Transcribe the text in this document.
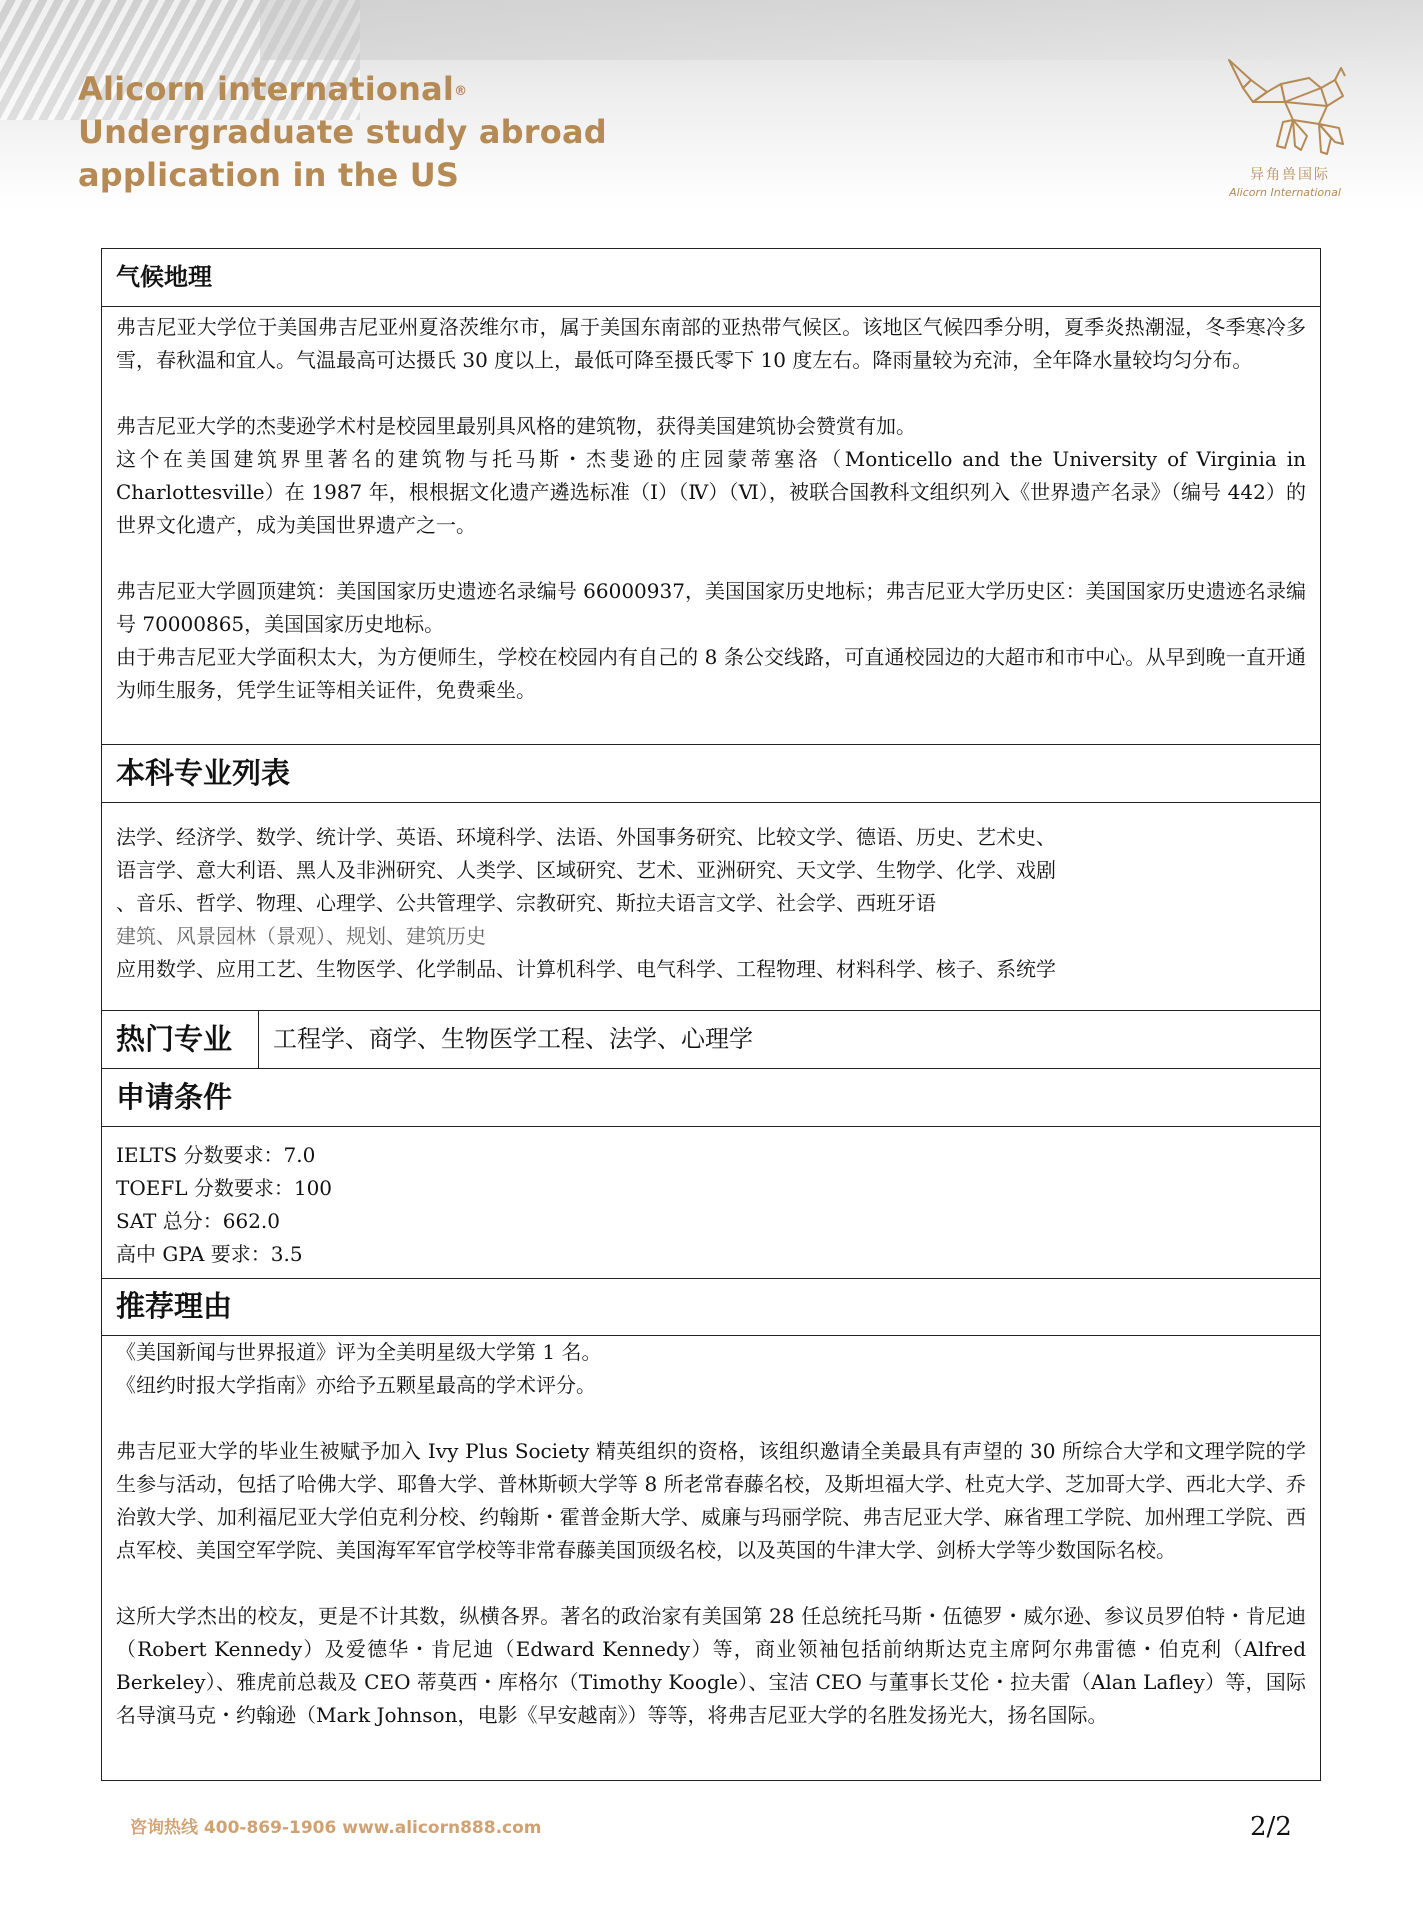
Alicorn international®
Undergraduate study abroad
application in the US	异角兽国际
Alicorn International
气候地理

弗吉尼亚大学位于美国弗吉尼亚州夏洛茨维尔市，属于美国东南部的亚热带气候区。该地区气候四季分明，夏季炎热潮湿，冬季寒冷多雪，春秋温和宜人。气温最高可达摄氏 30 度以上，最低可降至摄氏零下 10 度左右。降雨量较为充沛，全年降水量较均匀分布。

弗吉尼亚大学的杰斐逊学术村是校园里最别具风格的建筑物，获得美国建筑协会赞赏有加。

这个在美国建筑界里著名的建筑物与托马斯・杰斐逊的庄园蒙蒂塞洛（Monticello and the University of Virginia in Charlottesville）在 1987 年，根根据文化遗产遴选标准（Ⅰ）（Ⅳ）（Ⅵ），被联合国教科文组织列入《世界遗产名录》（编号 442）的世界文化遗产，成为美国世界遗产之一。

弗吉尼亚大学圆顶建筑：美国国家历史遗迹名录编号 66000937，美国国家历史地标；弗吉尼亚大学历史区：美国国家历史遗迹名录编号 70000865，美国国家历史地标。

由于弗吉尼亚大学面积太大，为方便师生，学校在校园内有自己的 8 条公交线路，可直通校园边的大超市和市中心。从早到晚一直开通为师生服务，凭学生证等相关证件，免费乘坐。

本科专业列表

法学、经济学、数学、统计学、英语、环境科学、法语、外国事务研究、比较文学、德语、历史、艺术史、

语言学、意大利语、黑人及非洲研究、人类学、区域研究、艺术、亚洲研究、天文学、生物学、化学、戏剧

、音乐、哲学、物理、心理学、公共管理学、宗教研究、斯拉夫语言文学、社会学、西班牙语

建筑、风景园林（景观）、规划、建筑历史

应用数学、应用工艺、生物医学、化学制品、计算机科学、电气科学、工程物理、材料科学、核子、系统学

热门专业	工程学、商学、生物医学工程、法学、心理学
申请条件

IELTS 分数要求：7.0

TOEFL 分数要求：100

SAT 总分：662.0

高中 GPA 要求：3.5

推荐理由

《美国新闻与世界报道》评为全美明星级大学第 1 名。

《纽约时报大学指南》亦给予五颗星最高的学术评分。

弗吉尼亚大学的毕业生被赋予加入 Ivy Plus Society 精英组织的资格，该组织邀请全美最具有声望的 30 所综合大学和文理学院的学生参与活动，包括了哈佛大学、耶鲁大学、普林斯顿大学等 8 所老常春藤名校，及斯坦福大学、杜克大学、芝加哥大学、西北大学、乔治敦大学、加利福尼亚大学伯克利分校、约翰斯・霍普金斯大学、威廉与玛丽学院、弗吉尼亚大学、麻省理工学院、加州理工学院、西点军校、美国空军学院、美国海军军官学校等非常春藤美国顶级名校，以及英国的牛津大学、剑桥大学等少数国际名校。

这所大学杰出的校友，更是不计其数，纵横各界。著名的政治家有美国第 28 任总统托马斯・伍德罗・威尔逊、参议员罗伯特・肯尼迪（Robert Kennedy）及爱德华・肯尼迪（Edward Kennedy）等，商业领袖包括前纳斯达克主席阿尔弗雷德・伯克利（Alfred Berkeley）、雅虎前总裁及 CEO 蒂莫西・库格尔（Timothy Koogle）、宝洁 CEO 与董事长艾伦・拉夫雷（Alan Lafley）等，国际名导演马克・约翰逊（Mark Johnson，电影《早安越南》）等等，将弗吉尼亚大学的名胜发扬光大，扬名国际。

咨询热线 400-869-1906 www.alicorn888.com	2/2
